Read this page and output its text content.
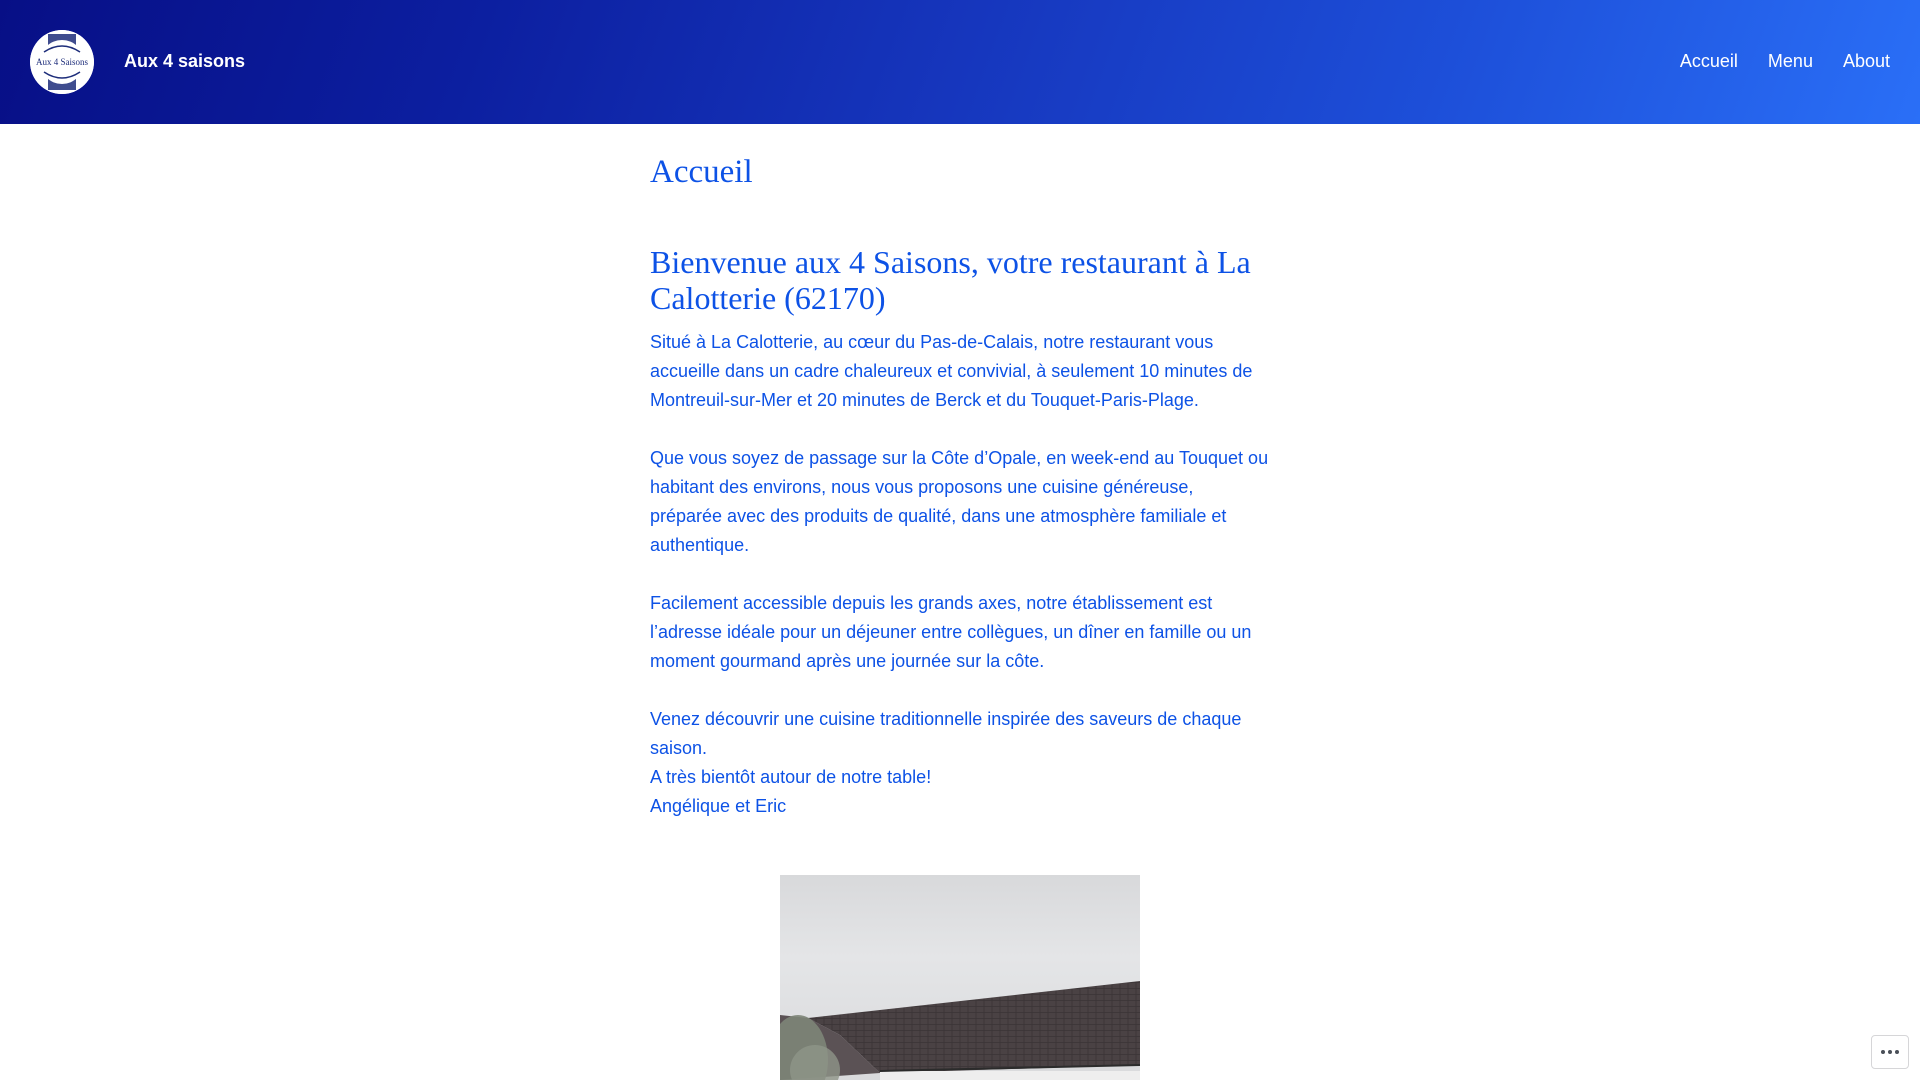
Aux 4 Saisons Aux 4 saisons	Accueil Menu About
Accueil
Bienvenue aux 4 Saisons, votre restaurant à La Calotterie (62170)

Situé à La Calotterie, au cœur du Pas-de-Calais, notre restaurant vous accueille dans un cadre chaleureux et convivial, à seulement 10 minutes de Montreuil-sur-Mer et 20 minutes de Berck et du Touquet-Paris-Plage.

Que vous soyez de passage sur la Côte d’Opale, en week-end au Touquet ou habitant des environs, nous vous proposons une cuisine généreuse, préparée avec des produits de qualité, dans une atmosphère familiale et authentique.

Facilement accessible depuis les grands axes, notre établissement est l’adresse idéale pour un déjeuner entre collègues, un dîner en famille ou un moment gourmand après une journée sur la côte.

Venez découvrir une cuisine traditionnelle inspirée des saveurs de chaque saison.

A très bientôt autour de notre table!

Angélique et Eric
